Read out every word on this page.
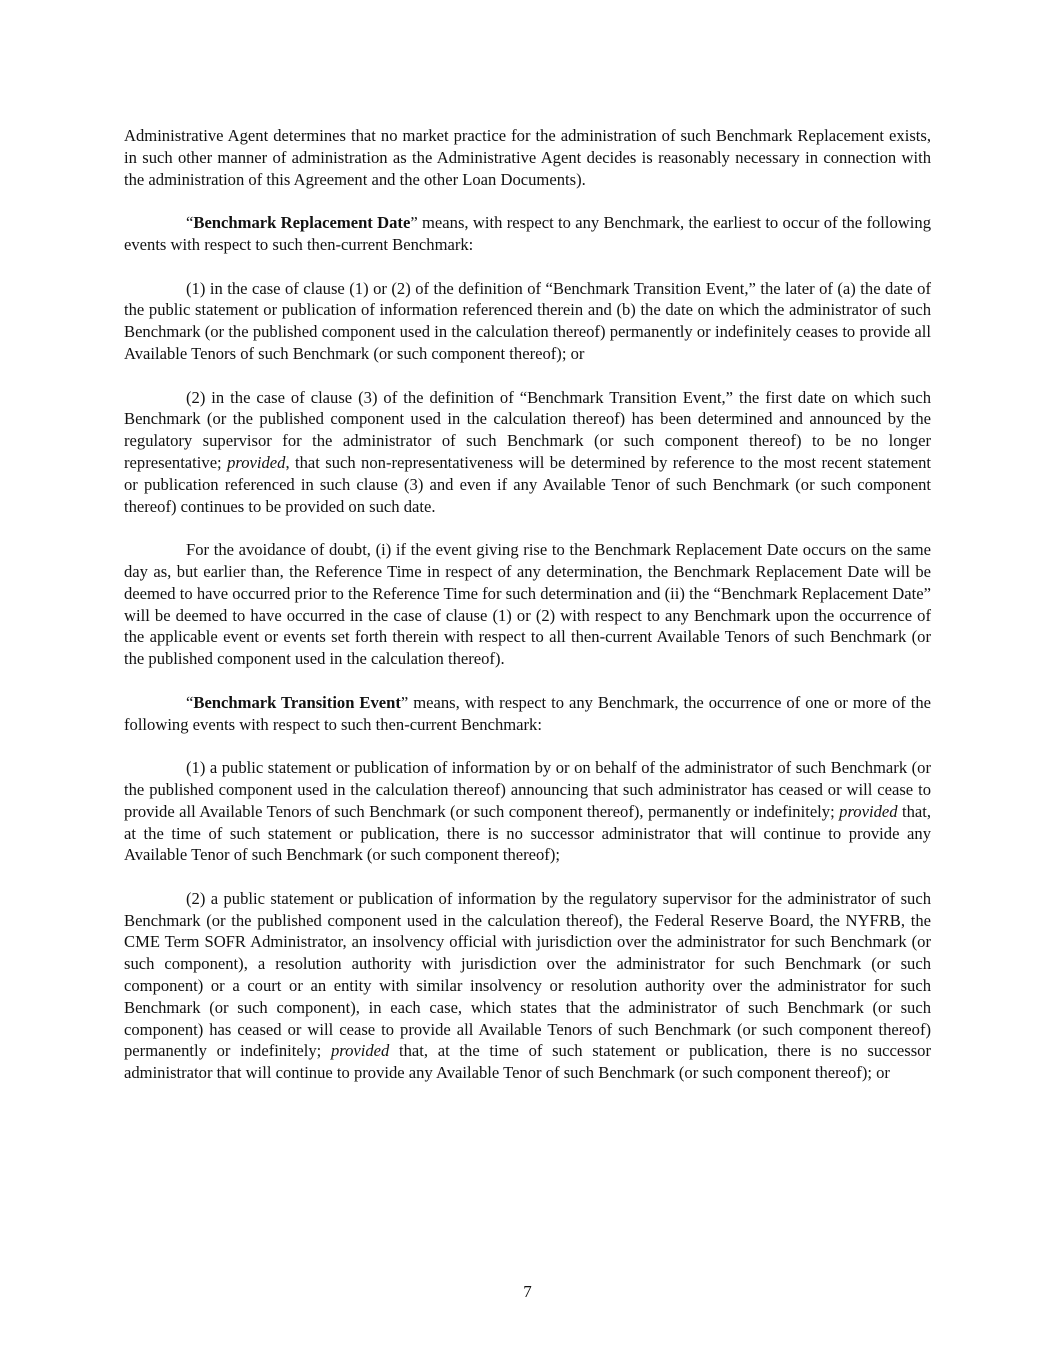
Administrative Agent determines that no market practice for the administration of such Benchmark Replacement exists, in such other manner of administration as the Administrative Agent decides is reasonably necessary in connection with the administration of this Agreement and the other Loan Documents).

“Benchmark Replacement Date” means, with respect to any Benchmark, the earliest to occur of the following events with respect to such then-current Benchmark:

(1) in the case of clause (1) or (2) of the definition of “Benchmark Transition Event,” the later of (a) the date of the public statement or publication of information referenced therein and (b) the date on which the administrator of such Benchmark (or the published component used in the calculation thereof) permanently or indefinitely ceases to provide all Available Tenors of such Benchmark (or such component thereof); or

(2) in the case of clause (3) of the definition of “Benchmark Transition Event,” the first date on which such Benchmark (or the published component used in the calculation thereof) has been determined and announced by the regulatory supervisor for the administrator of such Benchmark (or such component thereof) to be no longer representative; provided, that such non-representativeness will be determined by reference to the most recent statement or publication referenced in such clause (3) and even if any Available Tenor of such Benchmark (or such component thereof) continues to be provided on such date.

For the avoidance of doubt, (i) if the event giving rise to the Benchmark Replacement Date occurs on the same day as, but earlier than, the Reference Time in respect of any determination, the Benchmark Replacement Date will be deemed to have occurred prior to the Reference Time for such determination and (ii) the “Benchmark Replacement Date” will be deemed to have occurred in the case of clause (1) or (2) with respect to any Benchmark upon the occurrence of the applicable event or events set forth therein with respect to all then-current Available Tenors of such Benchmark (or the published component used in the calculation thereof).

“Benchmark Transition Event” means, with respect to any Benchmark, the occurrence of one or more of the following events with respect to such then-current Benchmark:

(1) a public statement or publication of information by or on behalf of the administrator of such Benchmark (or the published component used in the calculation thereof) announcing that such administrator has ceased or will cease to provide all Available Tenors of such Benchmark (or such component thereof), permanently or indefinitely; provided that, at the time of such statement or publication, there is no successor administrator that will continue to provide any Available Tenor of such Benchmark (or such component thereof);

(2) a public statement or publication of information by the regulatory supervisor for the administrator of such Benchmark (or the published component used in the calculation thereof), the Federal Reserve Board, the NYFRB, the CME Term SOFR Administrator, an insolvency official with jurisdiction over the administrator for such Benchmark (or such component), a resolution authority with jurisdiction over the administrator for such Benchmark (or such component) or a court or an entity with similar insolvency or resolution authority over the administrator for such Benchmark (or such component), in each case, which states that the administrator of such Benchmark (or such component) has ceased or will cease to provide all Available Tenors of such Benchmark (or such component thereof) permanently or indefinitely; provided that, at the time of such statement or publication, there is no successor administrator that will continue to provide any Available Tenor of such Benchmark (or such component thereof); or

7
